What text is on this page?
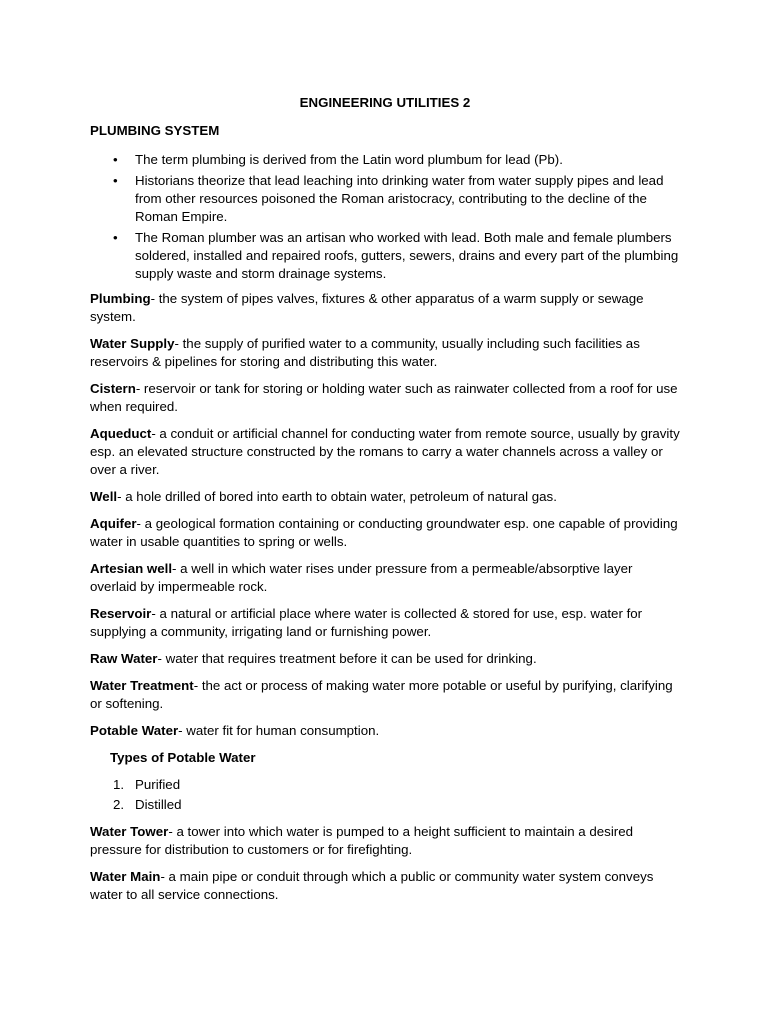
ENGINEERING UTILITIES 2
PLUMBING SYSTEM
• The term plumbing is derived from the Latin word plumbum for lead (Pb).
• Historians theorize that lead leaching into drinking water from water supply pipes and lead from other resources poisoned the Roman aristocracy, contributing to the decline of the Roman Empire.
• The Roman plumber was an artisan who worked with lead. Both male and female plumbers soldered, installed and repaired roofs, gutters, sewers, drains and every part of the plumbing supply waste and storm drainage systems.

Plumbing- the system of pipes valves, fixtures & other apparatus of a warm supply or sewage system.

Water Supply- the supply of purified water to a community, usually including such facilities as reservoirs & pipelines for storing and distributing this water.

Cistern- reservoir or tank for storing or holding water such as rainwater collected from a roof for use when required.

Aqueduct- a conduit or artificial channel for conducting water from remote source, usually by gravity esp. an elevated structure constructed by the romans to carry a water channels across a valley or over a river.

Well- a hole drilled of bored into earth to obtain water, petroleum of natural gas.

Aquifer- a geological formation containing or conducting groundwater esp. one capable of providing water in usable quantities to spring or wells.

Artesian well- a well in which water rises under pressure from a permeable/absorptive layer overlaid by impermeable rock.

Reservoir- a natural or artificial place where water is collected & stored for use, esp. water for supplying a community, irrigating land or furnishing power.

Raw Water- water that requires treatment before it can be used for drinking.

Water Treatment- the act or process of making water more potable or useful by purifying, clarifying or softening.

Potable Water- water fit for human consumption.

Types of Potable Water

1. Purified
2. Distilled

Water Tower- a tower into which water is pumped to a height sufficient to maintain a desired pressure for distribution to customers or for firefighting.

Water Main- a main pipe or conduit through which a public or community water system conveys water to all service connections.
